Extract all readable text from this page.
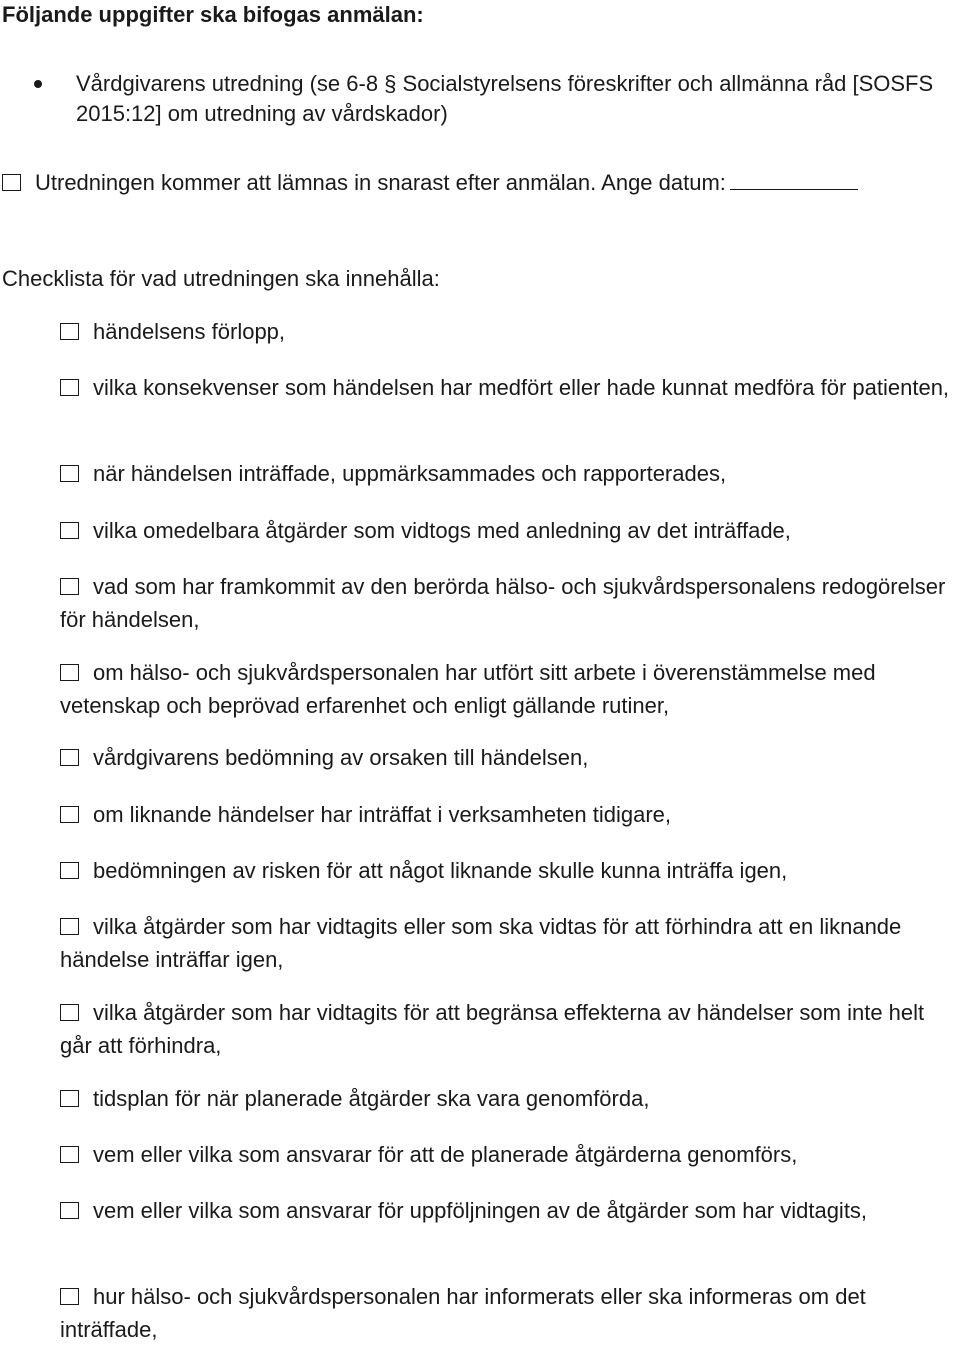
Följande uppgifter ska bifogas anmälan:
Vårdgivarens utredning (se 6-8 § Socialstyrelsens föreskrifter och allmänna råd [SOSFS 2015:12] om utredning av vårdskador)
Utredningen kommer att lämnas in snarast efter anmälan. Ange datum:
Checklista för vad utredningen ska innehålla:
händelsens förlopp,
vilka konsekvenser som händelsen har medfört eller hade kunnat medföra för patienten,
när händelsen inträffade, uppmärksammades och rapporterades,
vilka omedelbara åtgärder som vidtogs med anledning av det inträffade,
vad som har framkommit av den berörda hälso- och sjukvårdspersonalens redogörelser för händelsen,
om hälso- och sjukvårdspersonalen har utfört sitt arbete i överenstämmelse med vetenskap och beprövad erfarenhet och enligt gällande rutiner,
vårdgivarens bedömning av orsaken till händelsen,
om liknande händelser har inträffat i verksamheten tidigare,
bedömningen av risken för att något liknande skulle kunna inträffa igen,
vilka åtgärder som har vidtagits eller som ska vidtas för att förhindra att en liknande händelse inträffar igen,
vilka åtgärder som har vidtagits för att begränsa effekterna av händelser som inte helt går att förhindra,
tidsplan för när planerade åtgärder ska vara genomförda,
vem eller vilka som ansvarar för att de planerade åtgärderna genomförs,
vem eller vilka som ansvarar för uppföljningen av de åtgärder som har vidtagits,
hur hälso- och sjukvårdspersonalen har informerats eller ska informeras om det inträffade,
